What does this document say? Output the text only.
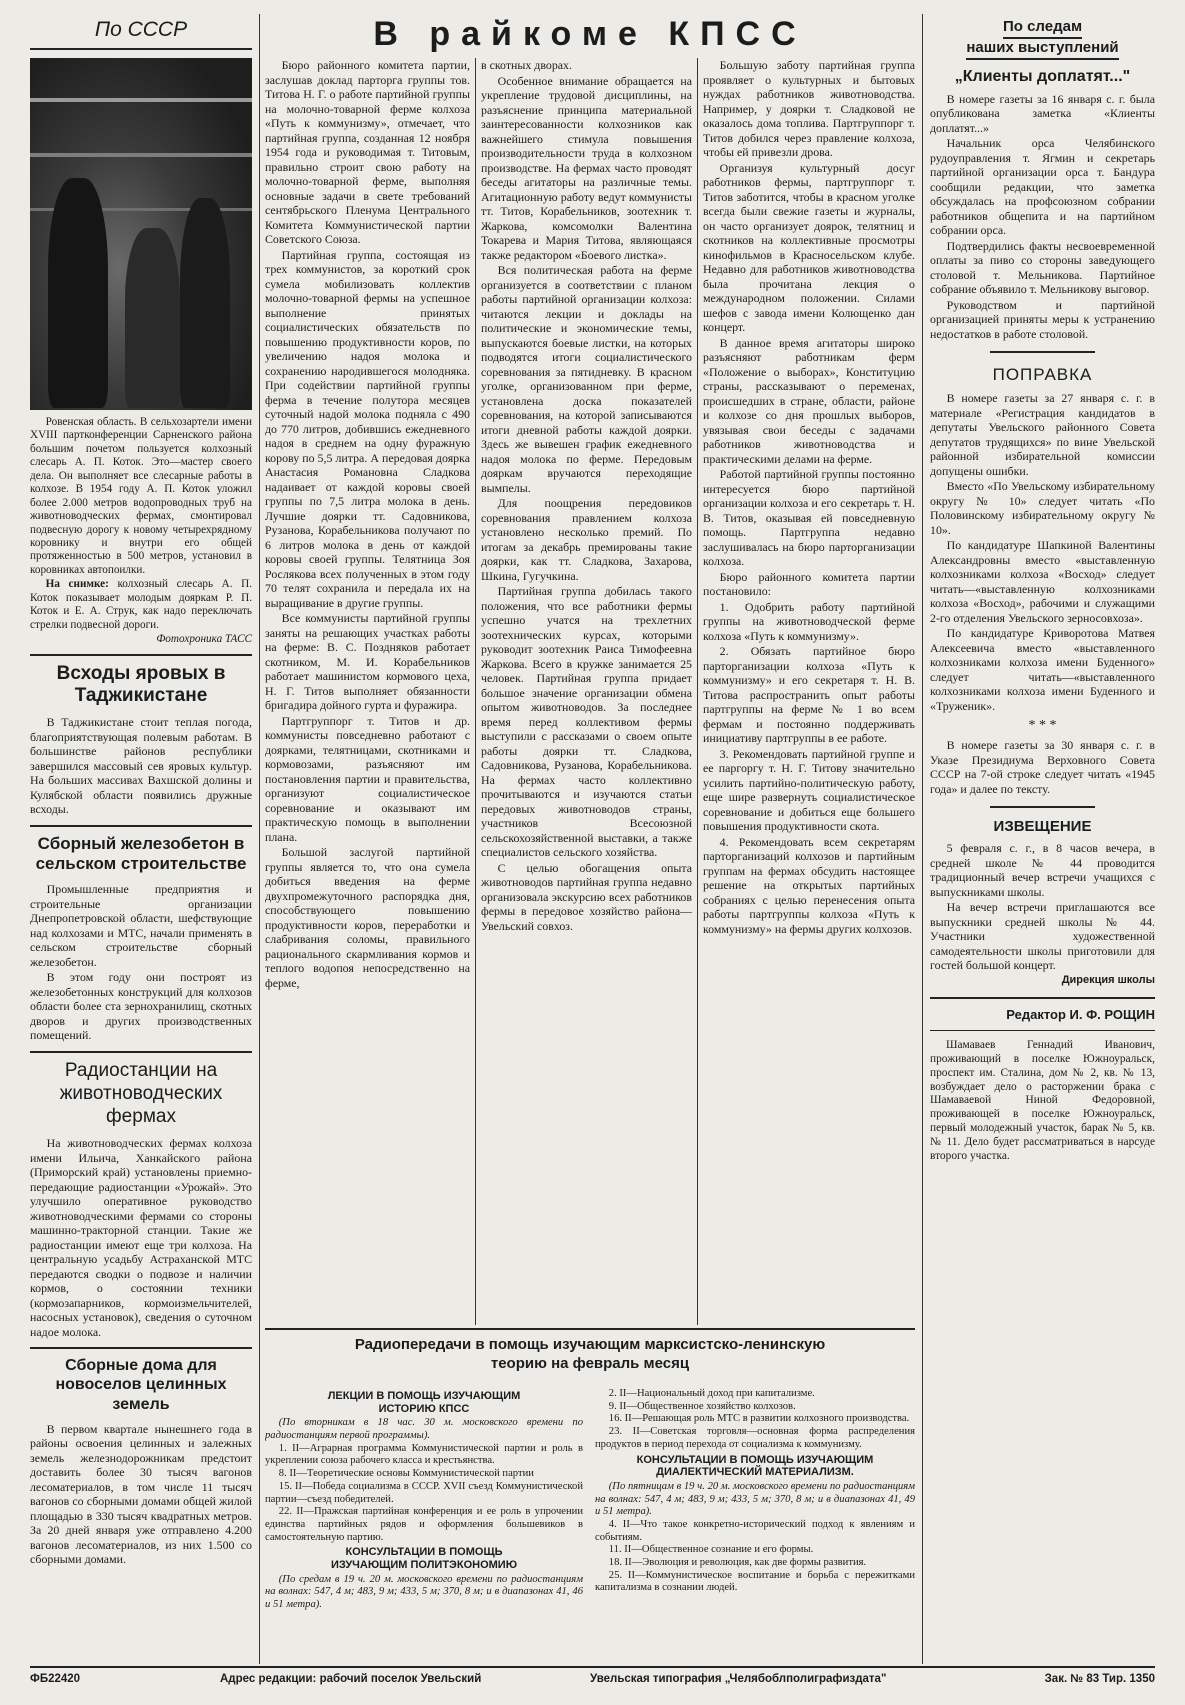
По СССР

Ровенская область. В сельхозартели имени XVIII партконференции Сарненского района большим почетом пользуется колхозный слесарь А. П. Коток. Это—мастер своего дела. Он выполняет все слесарные работы в колхозе. В 1954 году А. П. Коток уложил более 2.000 метров водопроводных труб на животноводческих фермах, смонтировал подвесную дорогу к новому четырехрядному коровнику и внутри его общей протяженностью в 500 метров, установил в коровниках автопоилки.

На снимке: колхозный слесарь А. П. Коток показывает молодым дояркам Р. П. Коток и Е. А. Струк, как надо переключать стрелки подвесной дороги.

Фотохроника ТАСС

Всходы яровых в Таджикистане

В Таджикистане стоит теплая погода, благоприятствующая полевым работам. В большинстве районов республики завершился массовый сев яровых культур. На больших массивах Вахшской долины и Кулябской области появились дружные всходы.

Сборный железобетон в сельском строительстве

Промышленные предприятия и строительные организации Днепропетровской области, шефствующие над колхозами и МТС, начали применять в сельском строительстве сборный железобетон.

В этом году они построят из железобетонных конструкций для колхозов области более ста зернохранилищ, скотных дворов и других производственных помещений.

Радиостанции на животноводческих фермах

На животноводческих фермах колхоза имени Ильича, Ханкайского района (Приморский край) установлены приемно-передающие радиостанции «Урожай». Это улучшило оперативное руководство животноводческими фермами со стороны машинно-тракторной станции. Такие же радиостанции имеют еще три колхоза. На центральную усадьбу Астраханской МТС передаются сводки о подвозе и наличии кормов, о состоянии техники (кормозапарников, кормоизмельчителей, насосных установок), сведения о суточном надое молока.

Сборные дома для новоселов целинных земель

В первом квартале нынешнего года в районы освоения целинных и залежных земель железнодорожникам предстоит доставить более 30 тысяч вагонов лесоматериалов, в том числе 11 тысяч вагонов со сборными домами общей жилой площадью в 330 тысяч квадратных метров. За 20 дней января уже отправлено 4.200 вагонов лесоматериалов, из них 1.500 со сборными домами.

В райкоме КПСС

Бюро районного комитета партии, заслушав доклад парторга группы тов. Титова Н. Г. о работе партийной группы на молочно-товарной ферме колхоза «Путь к коммунизму», отмечает, что партийная группа, созданная 12 ноября 1954 года и руководимая т. Титовым, правильно строит свою работу на молочно-товарной ферме, выполняя основные задачи в свете требований сентябрьского Пленума Центрального Комитета Коммунистической партии Советского Союза.

Партийная группа, состоящая из трех коммунистов, за короткий срок сумела мобилизовать коллектив молочно-товарной фермы на успешное выполнение принятых социалистических обязательств по повышению продуктивности коров, по увеличению надоя молока и сохранению народившегося молодняка. При содействии партийной группы ферма в течение полутора месяцев суточный надой молока подняла с 490 до 770 литров, добившись ежедневного надоя в среднем на одну фуражную корову по 5,5 литра. А передовая доярка Анастасия Романовна Сладкова надаивает от каждой коровы своей группы по 7,5 литра молока в день. Лучшие доярки тт. Садовникова, Рузанова, Корабельникова получают по 6 литров молока в день от каждой коровы своей группы. Телятница Зоя Рослякова всех полученных в этом году 70 телят сохранила и передала их на выращивание в другие группы.

Все коммунисты партийной группы заняты на решающих участках работы на ферме: В. С. Поздняков работает скотником, М. И. Корабельников работает машинистом кормового цеха, Н. Г. Титов выполняет обязанности бригадира дойного гурта и фуражира.

Партгруппорг т. Титов и др. коммунисты повседневно работают с доярками, телятницами, скотниками и кормовозами, разъясняют им постановления партии и правительства, организуют социалистическое соревнование и оказывают им практическую помощь в выполнении плана.

Большой заслугой партийной группы является то, что она сумела добиться введения на ферме двухпромежуточного распорядка дня, способствующего повышению продуктивности коров, переработки и слабривания соломы, правильного рационального скармливания кормов и теплого водопоя непосредственно на ферме,

в скотных дворах.

Особенное внимание обращается на укрепление трудовой дисциплины, на разъяснение принципа материальной заинтересованности колхозников как важнейшего стимула повышения производительности труда в колхозном производстве. На фермах часто проводят беседы агитаторы на различные темы. Агитационную работу ведут коммунисты тт. Титов, Корабельников, зоотехник т. Жаркова, комсомолки Валентина Токарева и Мария Титова, являющаяся также редактором «Боевого листка».

Вся политическая работа на ферме организуется в соответствии с планом работы партийной организации колхоза: читаются лекции и доклады на политические и экономические темы, выпускаются боевые листки, на которых подводятся итоги социалистического соревнования за пятидневку. В красном уголке, организованном при ферме, установлена доска показателей соревнования, на которой записываются итоги дневной работы каждой доярки. Здесь же вывешен график ежедневного надоя молока по ферме. Передовым дояркам вручаются переходящие вымпелы.

Для поощрения передовиков соревнования правлением колхоза установлено несколько премий. По итогам за декабрь премированы такие доярки, как тт. Сладкова, Захарова, Шкина, Гугучкина.

Партийная группа добилась такого положения, что все работники фермы успешно учатся на трехлетних зоотехнических курсах, которыми руководит зоотехник Раиса Тимофеевна Жаркова. Всего в кружке занимается 25 человек. Партийная группа придает большое значение организации обмена опытом животноводов. За последнее время перед коллективом фермы выступили с рассказами о своем опыте работы доярки тт. Сладкова, Садовникова, Рузанова, Корабельникова. На фермах часто коллективно прочитываются и изучаются статьи передовых животноводов страны, участников Всесоюзной сельскохозяйственной выставки, а также специалистов сельского хозяйства.

С целью обогащения опыта животноводов партийная группа недавно организовала экскурсию всех работников фермы в передовое хозяйство района—Увельский совхоз.

Большую заботу партийная группа проявляет о культурных и бытовых нуждах работников животноводства. Например, у доярки т. Сладковой не оказалось дома топлива. Партгруппорг т. Титов добился через правление колхоза, чтобы ей привезли дрова.

Организуя культурный досуг работников фермы, партгруппорг т. Титов заботится, чтобы в красном уголке всегда были свежие газеты и журналы, он часто организует доярок, телятниц и скотников на коллективные просмотры кинофильмов в Красносельском клубе. Недавно для работников животноводства была прочитана лекция о международном положении. Силами шефов с завода имени Колющенко дан концерт.

В данное время агитаторы широко разъясняют работникам ферм «Положение о выборах», Конституцию страны, рассказывают о переменах, происшедших в стране, области, районе и колхозе со дня прошлых выборов, увязывая свои беседы с задачами работников животноводства и практическими делами на ферме.

Работой партийной группы постоянно интересуется бюро партийной организации колхоза и его секретарь т. Н. В. Титов, оказывая ей повседневную помощь. Партгруппа недавно заслушивалась на бюро парторганизации колхоза.

Бюро районного комитета партии постановило:

1. Одобрить работу партийной группы на животноводческой ферме колхоза «Путь к коммунизму».

2. Обязать партийное бюро парторганизации колхоза «Путь к коммунизму» и его секретаря т. Н. В. Титова распространить опыт работы партгруппы на ферме № 1 во всем фермам и постоянно поддерживать инициативу партгруппы в ее работе.

3. Рекомендовать партийной группе и ее паргоргу т. Н. Г. Титову значительно усилить партийно-политическую работу, еще шире развернуть социалистическое соревнование и добиться еще большего повышения продуктивности скота.

4. Рекомендовать всем секретарям парторганизаций колхозов и партийным группам на фермах обсудить настоящее решение на открытых партийных собраниях с целью перенесения опыта работы партгруппы колхоза «Путь к коммунизму» на фермы других колхозов.

Радиопередачи в помощь изучающим марксистско-ленинскую теорию на февраль месяц
ЛЕКЦИИ В ПОМОЩЬ ИЗУЧАЮЩИМ ИСТОРИЮ КПСС

(По вторникам в 18 час. 30 м. московского времени по радиостанциям первой программы).

1. II—Аграрная программа Коммунистической партии и роль в укреплении союза рабочего класса и крестьянства.

8. II—Теоретические основы Коммунистической партии

15. II—Победа социализма в СССР. XVII съезд Коммунистической партии—съезд победителей.

22. II—Пражская партийная конференция и ее роль в упрочении единства партийных рядов и оформления большевиков в самостоятельную партию.

КОНСУЛЬТАЦИИ В ПОМОЩЬ ИЗУЧАЮЩИМ ПОЛИТЭКОНОМИЮ

(По средам в 19 ч. 20 м. московского времени по радиостанциям на волнах: 547, 4 м; 483, 9 м; 433, 5 м; 370, 8 м; и в диапазонах 41, 46 и 51 метра).

2. II—Национальный доход при капитализме.

9. II—Общественное хозяйство колхозов.

16. II—Решающая роль МТС в развитии колхозного производства.

23. II—Советская торговля—основная форма распределения продуктов в период перехода от социализма к коммунизму.

КОНСУЛЬТАЦИИ В ПОМОЩЬ ИЗУЧАЮЩИМ ДИАЛЕКТИЧЕСКИЙ МАТЕРИАЛИЗМ.

(По пятницам в 19 ч. 20 м. московского времени по радиостанциям на волнах: 547, 4 м; 483, 9 м; 433, 5 м; 370, 8 м; и в диапазонах 41, 49 и 51 метра).

4. II—Что такое конкретно-исторический подход к явлениям и событиям.

11. II—Общественное сознание и его формы.

18. II—Эволюция и революция, как две формы развития.

25. II—Коммунистическое воспитание и борьба с пережитками капитализма в сознании людей.

По следам
наших выступлений
„Клиенты доплатят..."

В номере газеты за 16 января с. г. была опубликована заметка «Клиенты доплатят...»

Начальник орса Челябинского рудоуправления т. Ягмин и секретарь партийной организации орса т. Бандура сообщили редакции, что заметка обсуждалась на профсоюзном собрании работников общепита и на партийном собрании орса.

Подтвердились факты несвоевременной оплаты за пиво со стороны заведующего столовой т. Мельникова. Партийное собрание объявило т. Мельникову выговор.

Руководством и партийной организацией приняты меры к устранению недостатков в работе столовой.

ПОПРАВКА

В номере газеты за 27 января с. г. в материале «Регистрация кандидатов в депутаты Увельского районного Совета депутатов трудящихся» по вине Увельской районной избирательной комиссии допущены ошибки.

Вместо «По Увельскому избирательному округу № 10» следует читать «По Половинскому избирательному округу № 10».

По кандидатуре Шапкиной Валентины Александровны вместо «выставленную колхозниками колхоза «Восход» следует читать—«выставленную колхозниками колхоза «Восход», рабочими и служащими 2-го отделения Увельского зерносовхоза».

По кандидатуре Криворотова Матвея Алексеевича вместо «выставленного колхозниками колхоза имени Буденного» следует читать—«выставленного колхозниками колхоза имени Буденного и «Труженик».

* * *

В номере газеты за 30 января с. г. в Указе Президиума Верховного Совета СССР на 7-ой строке следует читать «1945 года» и далее по тексту.

ИЗВЕЩЕНИЕ

5 февраля с. г., в 8 часов вечера, в средней школе № 44 проводится традиционный вечер встречи учащихся с выпускниками школы.

На вечер встречи приглашаются все выпускники средней школы № 44. Участники художественной самодеятельности школы приготовили для гостей большой концерт.

Дирекция школы

Редактор И. Ф. РОЩИН

Шамаваев Геннадий Иванович, проживающий в поселке Южноуральск, проспект им. Сталина, дом № 2, кв. № 13, возбуждает дело о расторжении брака с Шамаваевой Ниной Федоровной, проживающей в поселке Южноуральск, первый молодежный участок, барак № 5, кв. № 11. Дело будет рассматриваться в нарсуде второго участка.

ФБ22420	Адрес редакции: рабочий поселок Увельский	Увельская типография „Челябоблполиграфиздата"	Зак. № 83 Тир. 1350
